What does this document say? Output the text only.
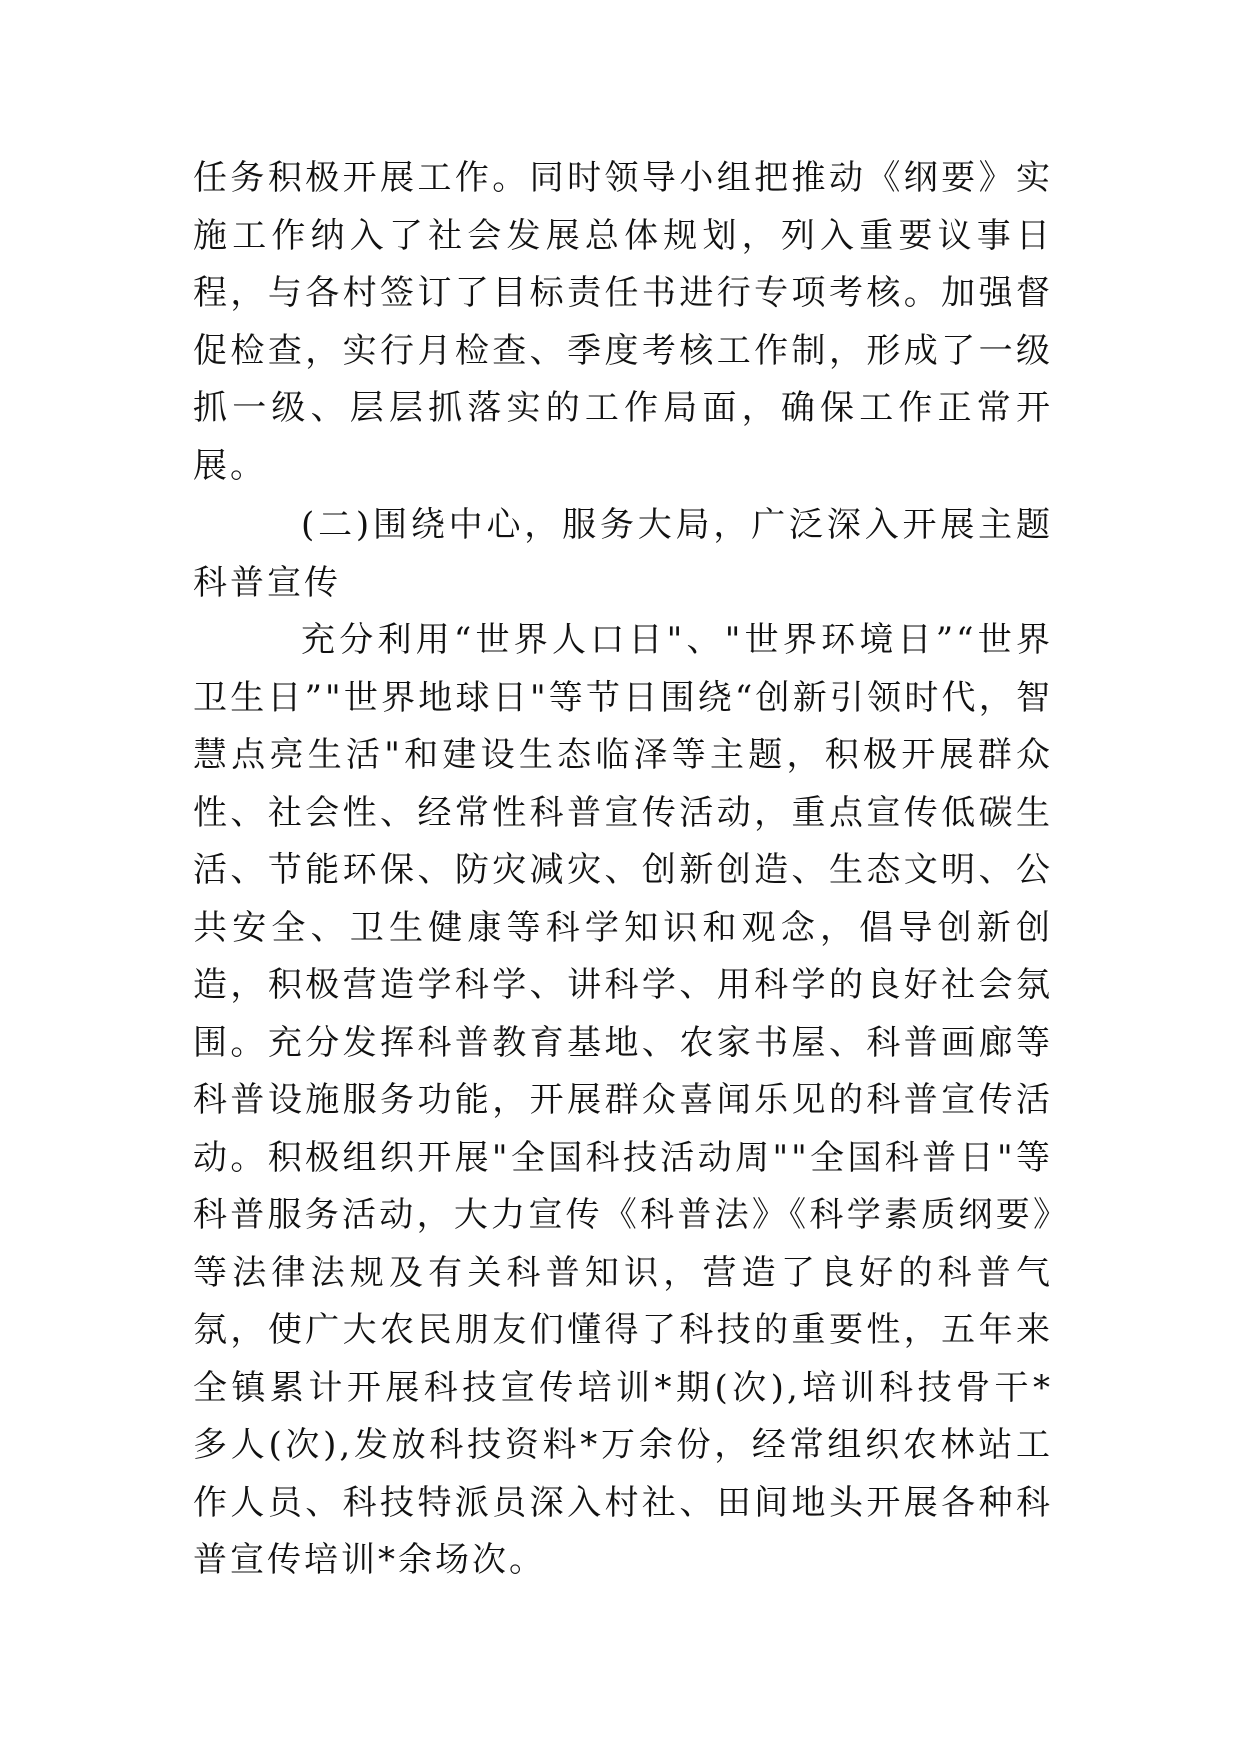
任务积极开展工作。同时领导小组把推动《纲要》实施工作纳入了社会发展总体规划，列入重要议事日程，与各村签订了目标责任书进行专项考核。加强督促检查，实行月检查、季度考核工作制，形成了一级抓一级、层层抓落实的工作局面，确保工作正常开展。

(二)围绕中心，服务大局，广泛深入开展主题科普宣传

充分利用“世界人口日"、"世界环境日”“世界卫生日”"世界地球日"等节日围绕“创新引领时代，智慧点亮生活"和建设生态临泽等主题，积极开展群众性、社会性、经常性科普宣传活动，重点宣传低碳生活、节能环保、防灾减灾、创新创造、生态文明、公共安全、卫生健康等科学知识和观念，倡导创新创造，积极营造学科学、讲科学、用科学的良好社会氛围。充分发挥科普教育基地、农家书屋、科普画廊等科普设施服务功能，开展群众喜闻乐见的科普宣传活动。积极组织开展"全国科技活动周""全国科普日"等科普服务活动，大力宣传《科普法》《科学素质纲要》等法律法规及有关科普知识，营造了良好的科普气氛，使广大农民朋友们懂得了科技的重要性，五年来全镇累计开展科技宣传培训*期(次),培训科技骨干*多人(次),发放科技资料*万余份，经常组织农林站工作人员、科技特派员深入村社、田间地头开展各种科普宣传培训*余场次。
